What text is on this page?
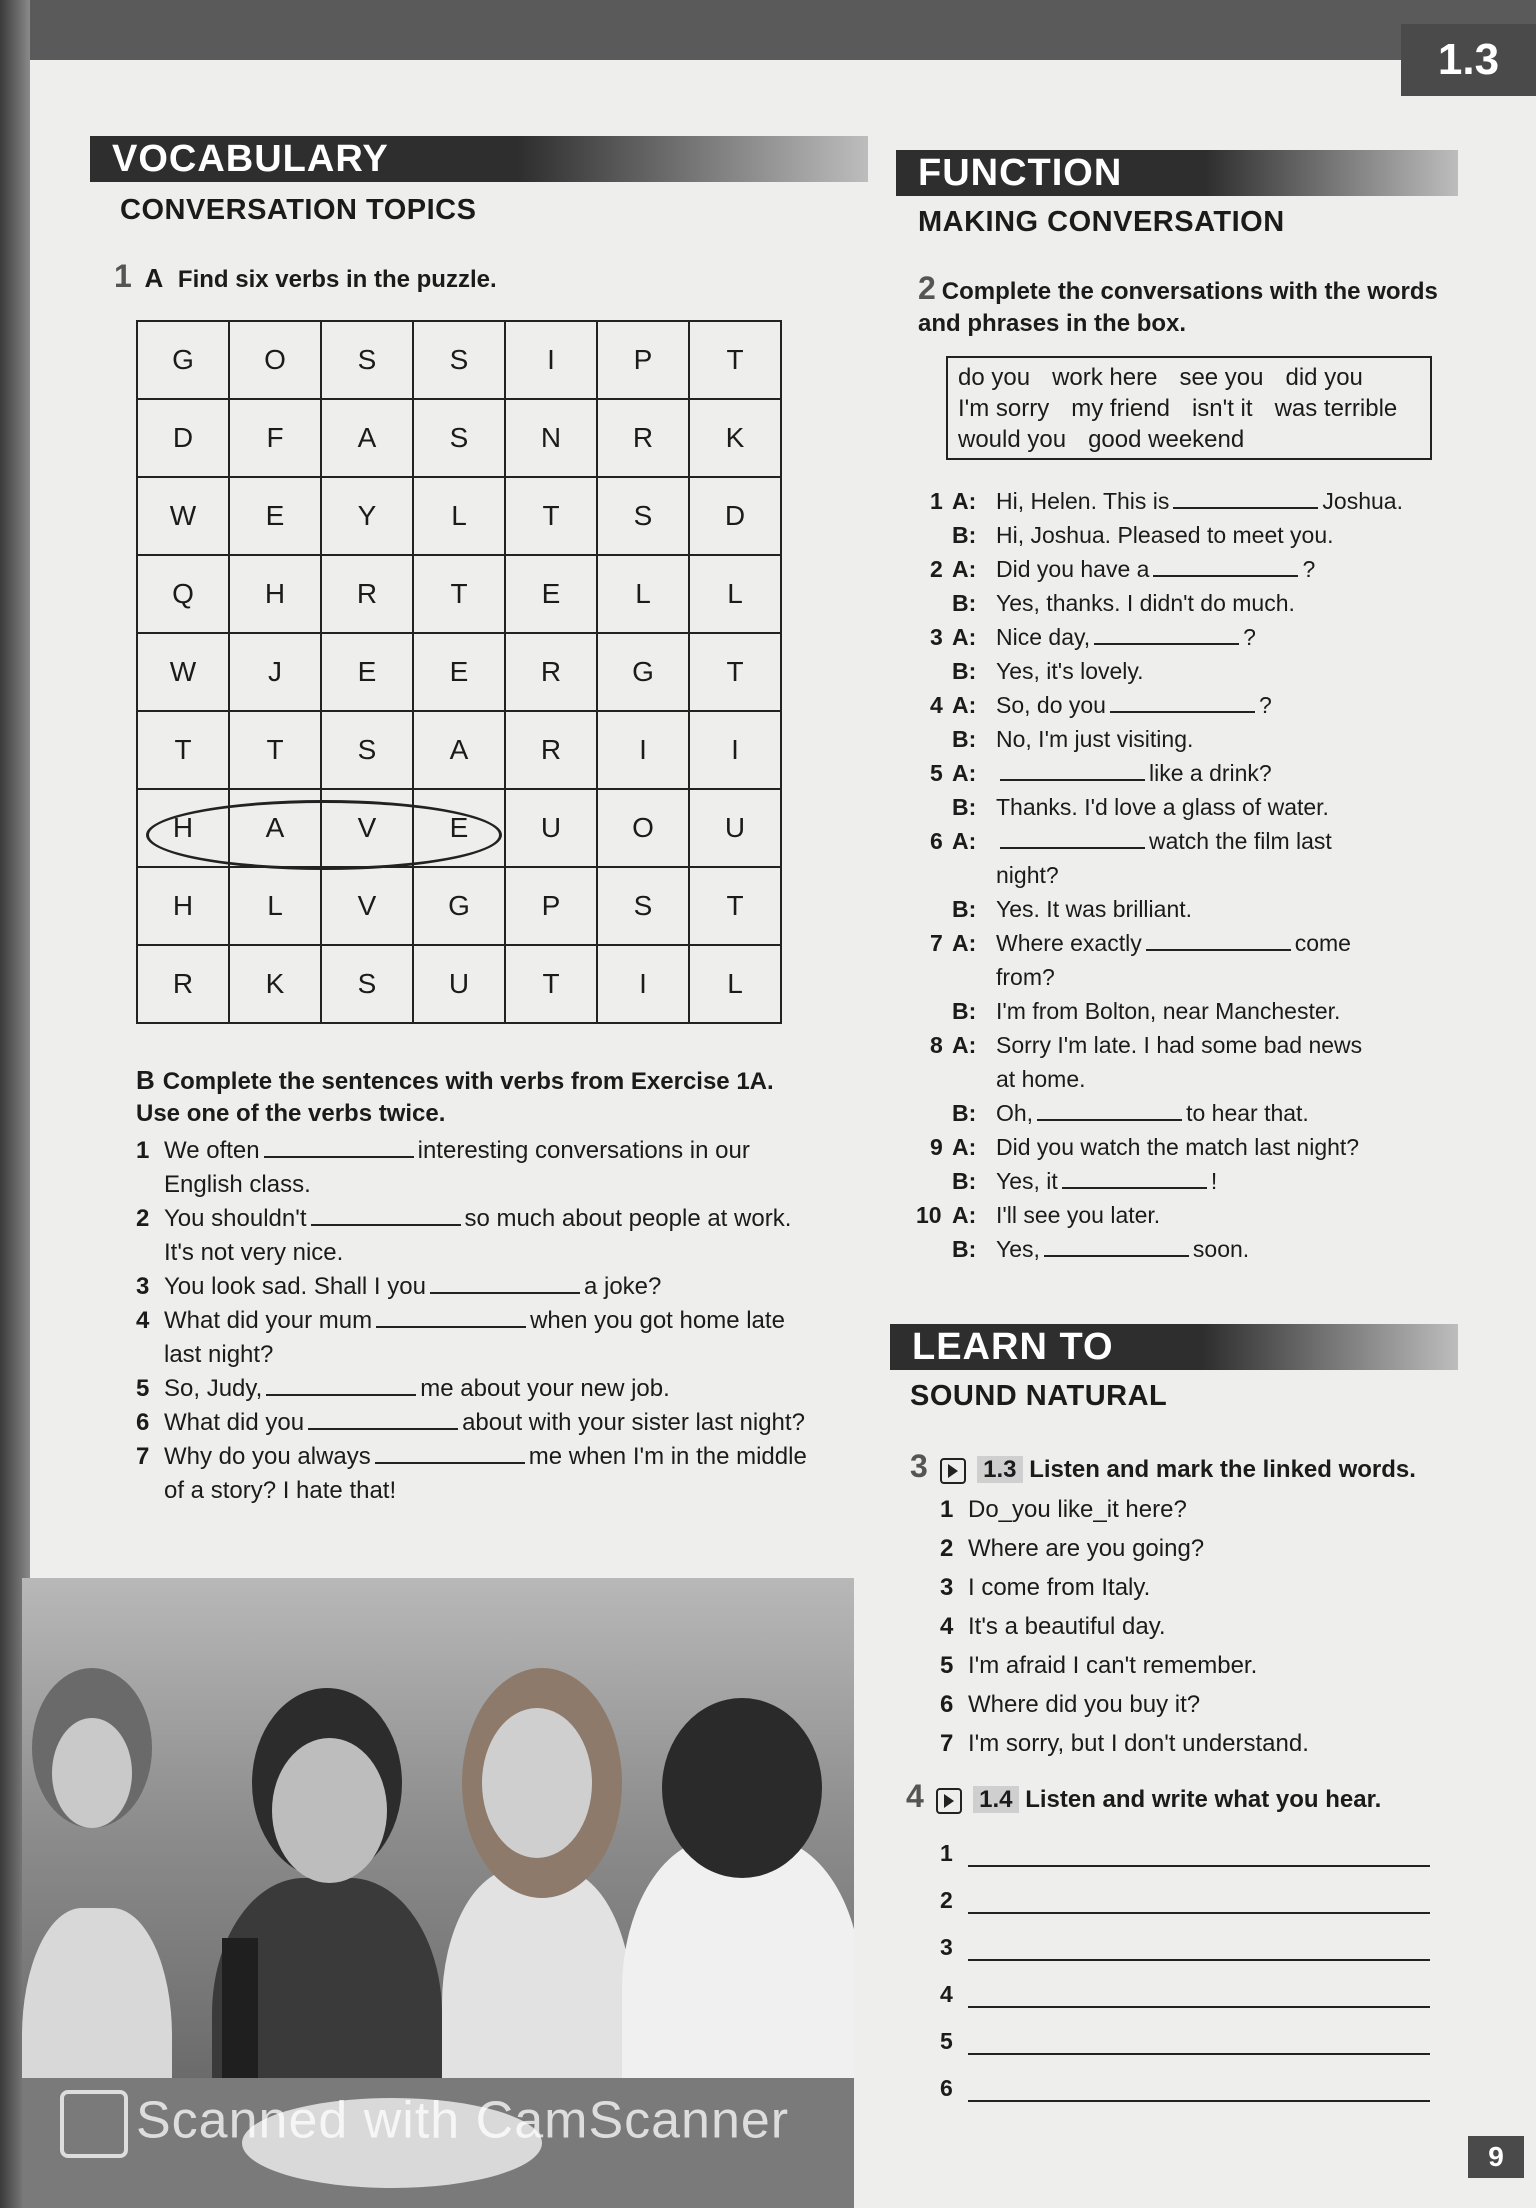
1.3
VOCABULARY
CONVERSATION TOPICS
1 A Find six verbs in the puzzle.
G	O	S	S	I	P	T
D	F	A	S	N	R	K
W	E	Y	L	T	S	D
Q	H	R	T	E	L	L
W	J	E	E	R	G	T
T	T	S	A	R	I	I
H	A	V	E	U	O	U
H	L	V	G	P	S	T
R	K	S	U	T	I	L
B Complete the sentences with verbs from Exercise 1A.
Use one of the verbs twice.
1 We often	interesting conversations in our
English class.
2 You shouldn't	so much about people at work.
It's not very nice.
3 You look sad. Shall I you	a joke?
4 What did your mum	when you got home late
last night?
5 So, Judy,	me about your new job.
6 What did you	about with your sister last night?
7 Why do you always	me when I'm in the middle
of a story? I hate that!
FUNCTION
MAKING CONVERSATION
2 Complete the conversations with the words
and phrases in the box.
do you work here see you did you
I'm sorry my friend isn't it was terrible
would you good weekend
1 A: Hi, Helen. This is	Joshua.
B: Hi, Joshua. Pleased to meet you.
2 A: Did you have a	?
B: Yes, thanks. I didn't do much.
3 A: Nice day,	?
B: Yes, it's lovely.
4 A: So, do you	?
B: No, I'm just visiting.
5 A:	like a drink?
B: Thanks. I'd love a glass of water.
6 A:	watch the film last
night?
B: Yes. It was brilliant.
7 A: Where exactly	come
from?
B: I'm from Bolton, near Manchester.
8 A: Sorry I'm late. I had some bad news
at home.
B: Oh,	to hear that.
9 A: Did you watch the match last night?
B: Yes, it	!
10 A: I'll see you later.
B: Yes,	soon.
LEARN TO
SOUND NATURAL
3 1.3 Listen and mark the linked words.
1 Do_you like_it here?
2 Where are you going?
3 I come from Italy.
4 It's a beautiful day.
5 I'm afraid I can't remember.
6 Where did you buy it?
7 I'm sorry, but I don't understand.
4 1.4 Listen and write what you hear.
1
2
3
4
5
6
Scanned with CamScanner
9
